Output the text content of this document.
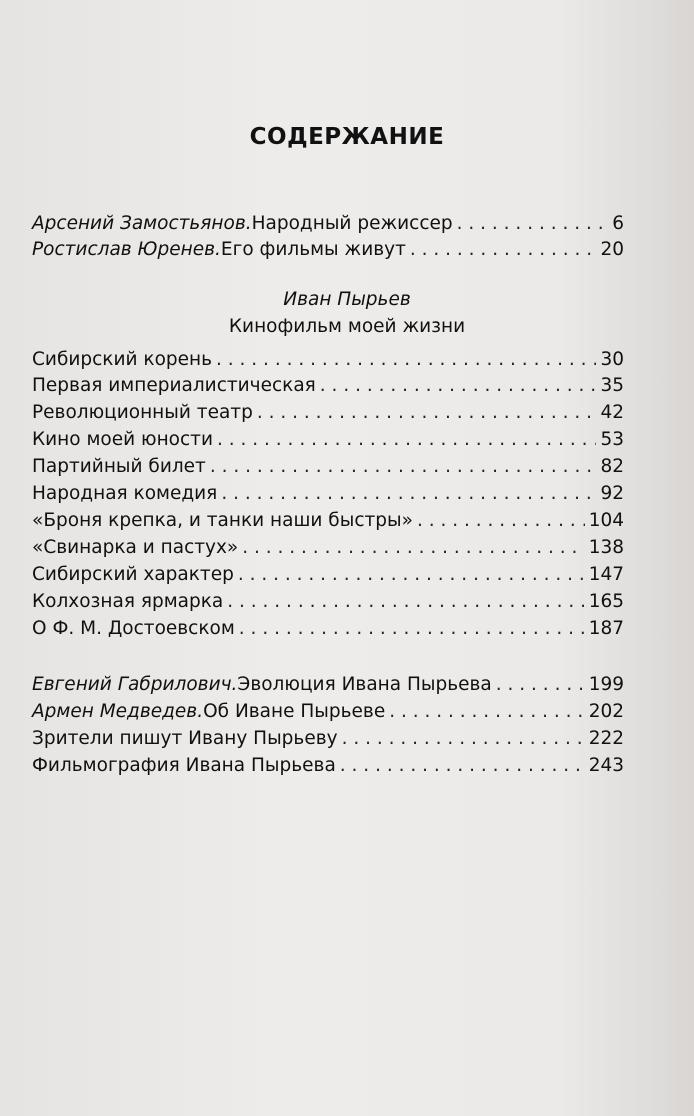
СОДЕРЖАНИЕ
Арсений Замостьянов. Народный режиссер . . .	6
Ростислав Юренев. Его фильмы живут . . .	20
Иван Пырьев
Кинофильм моей жизни
Сибирский корень . . .	30
Первая империалистическая . . .	35
Революционный театр . . .	42
Кино моей юности . . .	53
Партийный билет . . .	82
Народная комедия . . .	92
«Броня крепка, и танки наши быстры» . . .	104
«Свинарка и пастух» . . .	138
Сибирский характер . . .	147
Колхозная ярмарка . . .	165
О Ф. М. Достоевском . . .	187
Евгений Габрилович. Эволюция Ивана Пырьева . . .	199
Армен Медведев. Об Иване Пырьеве . . .	202
Зрители пишут Ивану Пырьеву . . .	222
Фильмография Ивана Пырьева . . .	243
